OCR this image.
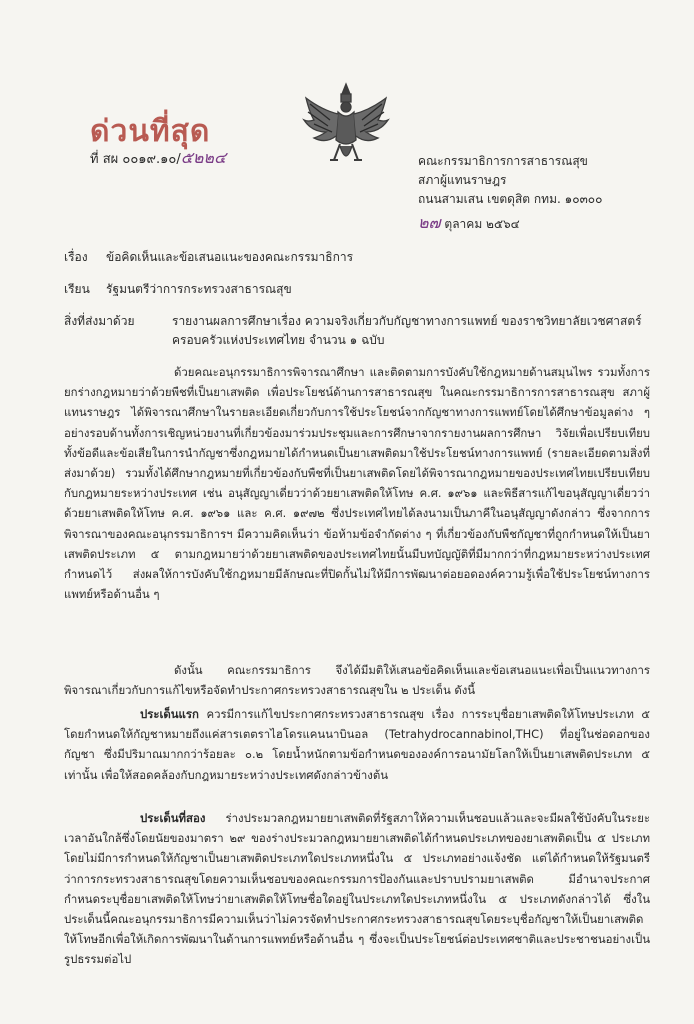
ด่วนที่สุด
ที่ สผ ๐๐๑๙.๑๐/๕๒๒๔	คณะกรรมาธิการการสาธารณสุข
สภาผู้แทนราษฎร
ถนนสามเสน เขตดุสิต กทม. ๑๐๓๐๐
๒๗ ตุลาคม ๒๕๖๔
เรื่อง ข้อคิดเห็นและข้อเสนอแนะของคณะกรรมาธิการ
เรียน รัฐมนตรีว่าการกระทรวงสาธารณสุข
สิ่งที่ส่งมาด้วย	รายงานผลการศึกษาเรื่อง ความจริงเกี่ยวกับกัญชาทางการแพทย์ ของราชวิทยาลัยเวชศาสตร์ครอบครัวแห่งประเทศไทย จำนวน ๑ ฉบับ
ด้วยคณะอนุกรรมาธิการพิจารณาศึกษา และติดตามการบังคับใช้กฎหมายด้านสมุนไพร รวมทั้งการยกร่างกฎหมายว่าด้วยพืชที่เป็นยาเสพติด เพื่อประโยชน์ด้านการสาธารณสุข ในคณะกรรมาธิการการสาธารณสุข สภาผู้แทนราษฎร ได้พิจารณาศึกษาในรายละเอียดเกี่ยวกับการใช้ประโยชน์จากกัญชาทางการแพทย์โดยได้ศึกษาข้อมูลต่าง ๆ อย่างรอบด้านทั้งการเชิญหน่วยงานที่เกี่ยวข้องมาร่วมประชุมและการศึกษาจากรายงานผลการศึกษา วิจัยเพื่อเปรียบเทียบทั้งข้อดีและข้อเสียในการนำกัญชาซึ่งกฎหมายได้กำหนดเป็นยาเสพติดมาใช้ประโยชน์ทางการแพทย์ (รายละเอียดตามสิ่งที่ส่งมาด้วย) รวมทั้งได้ศึกษากฎหมายที่เกี่ยวข้องกับพืชที่เป็นยาเสพติดโดยได้พิจารณากฎหมายของประเทศไทยเปรียบเทียบกับกฎหมายระหว่างประเทศ เช่น อนุสัญญาเดี่ยวว่าด้วยยาเสพติดให้โทษ ค.ศ. ๑๙๖๑ และพิธีสารแก้ไขอนุสัญญาเดี่ยวว่าด้วยยาเสพติดให้โทษ ค.ศ. ๑๙๖๑ และ ค.ศ. ๑๙๗๒ ซึ่งประเทศไทยได้ลงนามเป็นภาคีในอนุสัญญาดังกล่าว ซึ่งจากการพิจารณาของคณะอนุกรรมาธิการฯ มีความคิดเห็นว่า ข้อห้ามข้อจำกัดต่าง ๆ ที่เกี่ยวข้องกับพืชกัญชาที่ถูกกำหนดให้เป็นยาเสพติดประเภท ๕ ตามกฎหมายว่าด้วยยาเสพติดของประเทศไทยนั้นมีบทบัญญัติที่มีมากกว่าที่กฎหมายระหว่างประเทศกำหนดไว้ ส่งผลให้การบังคับใช้กฎหมายมีลักษณะที่ปิดกั้นไม่ให้มีการพัฒนาต่อยอดองค์ความรู้เพื่อใช้ประโยชน์ทางการแพทย์หรือด้านอื่น ๆ
ดังนั้น คณะกรรมาธิการ จึงได้มีมติให้เสนอข้อคิดเห็นและข้อเสนอแนะเพื่อเป็นแนวทางการพิจารณาเกี่ยวกับการแก้ไขหรือจัดทำประกาศกระทรวงสาธารณสุขใน ๒ ประเด็น ดังนี้
ประเด็นแรก ควรมีการแก้ไขประกาศกระทรวงสาธารณสุข เรื่อง การระบุชื่อยาเสพติดให้โทษประเภท ๕ โดยกำหนดให้กัญชาหมายถึงแค่สารเตตราไฮโดรแคนนาบินอล (Tetrahydrocannabinol,THC) ที่อยู่ในช่อดอกของกัญชา ซึ่งมีปริมาณมากกว่าร้อยละ ๐.๒ โดยน้ำหนักตามข้อกำหนดขององค์การอนามัยโลกให้เป็นยาเสพติดประเภท ๕ เท่านั้น เพื่อให้สอดคล้องกับกฎหมายระหว่างประเทศดังกล่าวข้างต้น
ประเด็นที่สอง ร่างประมวลกฎหมายยาเสพติดที่รัฐสภาให้ความเห็นชอบแล้วและจะมีผลใช้บังคับในระยะเวลาอันใกล้ซึ่งโดยนัยของมาตรา ๒๙ ของร่างประมวลกฎหมายยาเสพติดได้กำหนดประเภทของยาเสพติดเป็น ๕ ประเภท โดยไม่มีการกำหนดให้กัญชาเป็นยาเสพติดประเภทใดประเภทหนึ่งใน ๕ ประเภทอย่างแจ้งชัด แต่ได้กำหนดให้รัฐมนตรีว่าการกระทรวงสาธารณสุขโดยความเห็นชอบของคณะกรรมการป้องกันและปราบปรามยาเสพติด มีอำนาจประกาศกำหนดระบุชื่อยาเสพติดให้โทษว่ายาเสพติดให้โทษชื่อใดอยู่ในประเภทใดประเภทหนึ่งใน ๕ ประเภทดังกล่าวได้ ซึ่งในประเด็นนี้คณะอนุกรรมาธิการมีความเห็นว่าไม่ควรจัดทำประกาศกระทรวงสาธารณสุขโดยระบุชื่อกัญชาให้เป็นยาเสพติดให้โทษอีกเพื่อให้เกิดการพัฒนาในด้านการแพทย์หรือด้านอื่น ๆ ซึ่งจะเป็นประโยชน์ต่อประเทศชาติและประชาชนอย่างเป็นรูปธรรมต่อไป
